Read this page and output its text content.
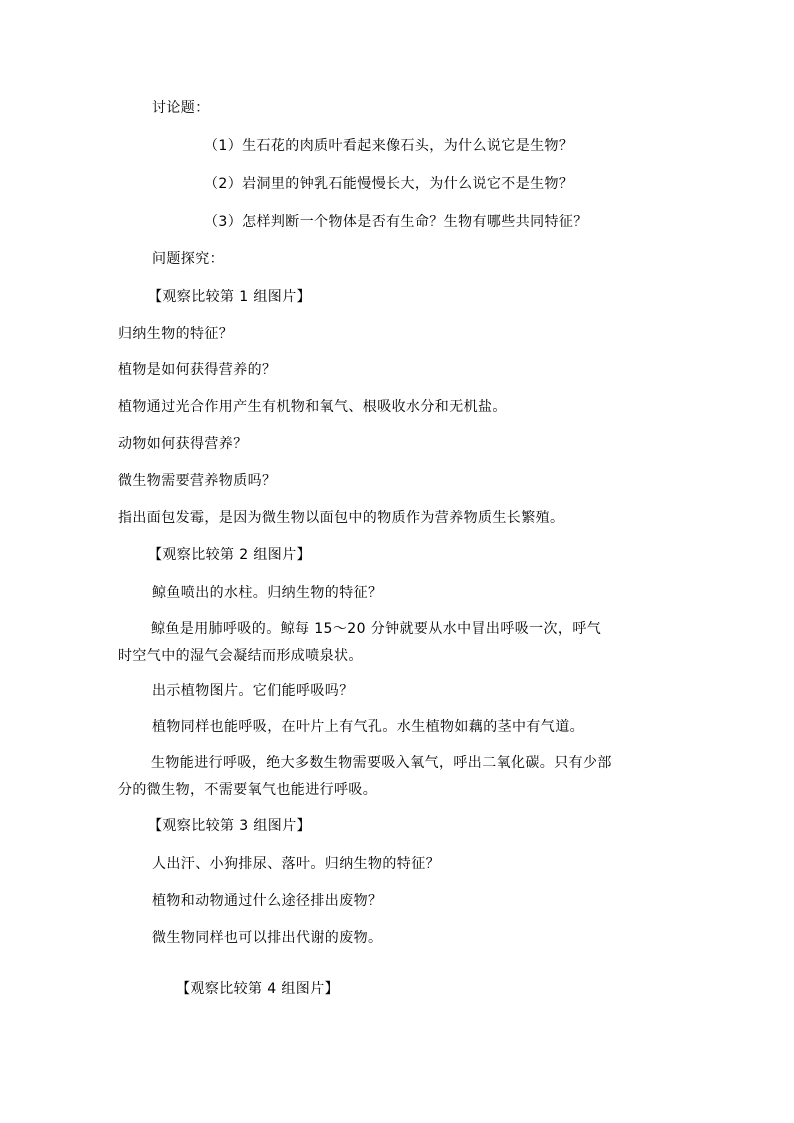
讨论题：
（1）生石花的肉质叶看起来像石头，为什么说它是生物？
（2）岩洞里的钟乳石能慢慢长大，为什么说它不是生物？
（3）怎样判断一个物体是否有生命？生物有哪些共同特征？
问题探究：
【观察比较第 1 组图片】
归纳生物的特征？
植物是如何获得营养的？
植物通过光合作用产生有机物和氧气、根吸收水分和无机盐。
动物如何获得营养？
微生物需要营养物质吗？
指出面包发霉，是因为微生物以面包中的物质作为营养物质生长繁殖。
【观察比较第 2 组图片】
鲸鱼喷出的水柱。归纳生物的特征？
鲸鱼是用肺呼吸的。鲸每 15～20 分钟就要从水中冒出呼吸一次，呼气时空气中的湿气会凝结而形成喷泉状。
出示植物图片。它们能呼吸吗？
植物同样也能呼吸，在叶片上有气孔。水生植物如藕的茎中有气道。
生物能进行呼吸，绝大多数生物需要吸入氧气，呼出二氧化碳。只有少部分的微生物，不需要氧气也能进行呼吸。
【观察比较第 3 组图片】
人出汗、小狗排尿、落叶。归纳生物的特征？
植物和动物通过什么途径排出废物？
微生物同样也可以排出代谢的废物。
【观察比较第 4 组图片】
